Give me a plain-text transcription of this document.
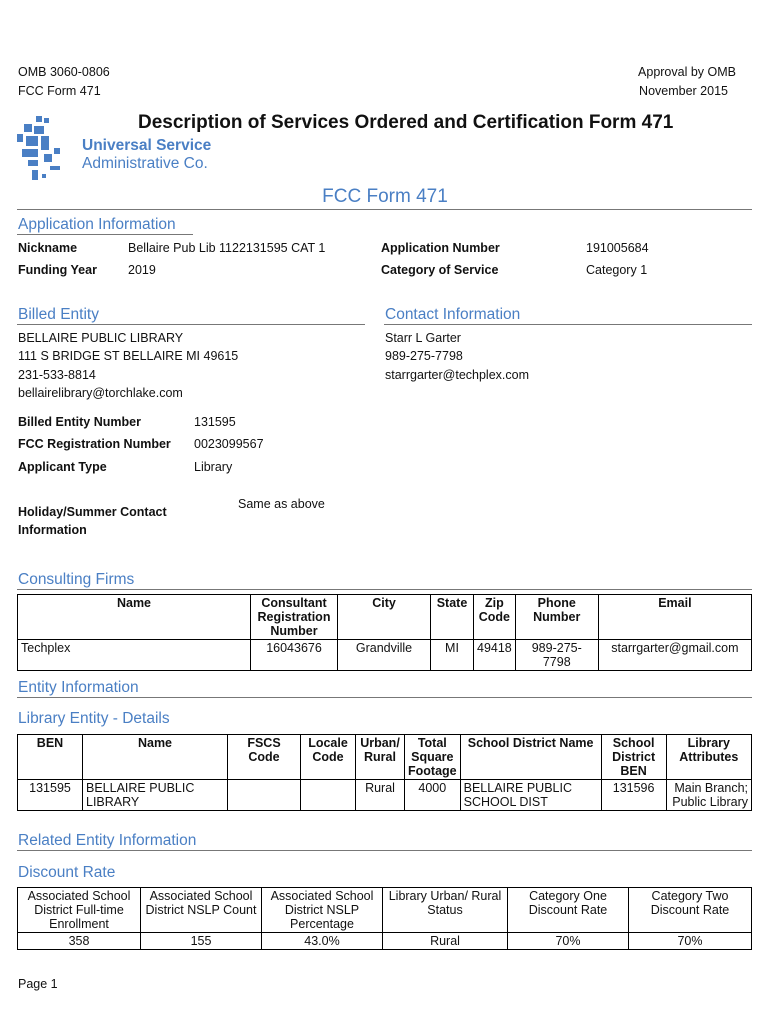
OMB 3060-0806
FCC Form 471
Approval by OMB
November 2015
Universal Service
Administrative Co.
Description of Services Ordered and Certification Form 471
FCC Form 471
Application Information
Nickname	Bellaire Pub Lib 1122131595 CAT 1	Application Number	191005684
Funding Year 2019	Category of Service	Category 1
Billed Entity
BELLAIRE PUBLIC LIBRARY
111 S BRIDGE ST BELLAIRE MI 49615
231-533-8814
bellairelibrary@torchlake.com
Contact Information
Starr L Garter
989-275-7798
starrgarter@techplex.com
Billed Entity Number	131595
FCC Registration Number 0023099567
Applicant Type	Library
Holiday/Summer Contact
Information
Same as above
Consulting Firms
Name	Consultant Registration Number	City	State	Zip Code	Phone Number	Email
Techplex	16043676	Grandville	MI	49418	989-275-7798	starrgarter@gmail.com
Entity Information
Library Entity - Details
BEN	Name	FSCS Code	Locale Code	Urban/ Rural	Total Square Footage	School District Name	School District BEN	Library Attributes
131595	BELLAIRE PUBLIC LIBRARY			Rural	4000	BELLAIRE PUBLIC SCHOOL DIST	131596	Main Branch; Public Library
Related Entity Information
Discount Rate
Associated School District Full-time Enrollment	Associated School District NSLP Count	Associated School District NSLP Percentage	Library Urban/ Rural Status	Category One Discount Rate	Category Two Discount Rate
358	155	43.0%	Rural	70%	70%
Page 1
